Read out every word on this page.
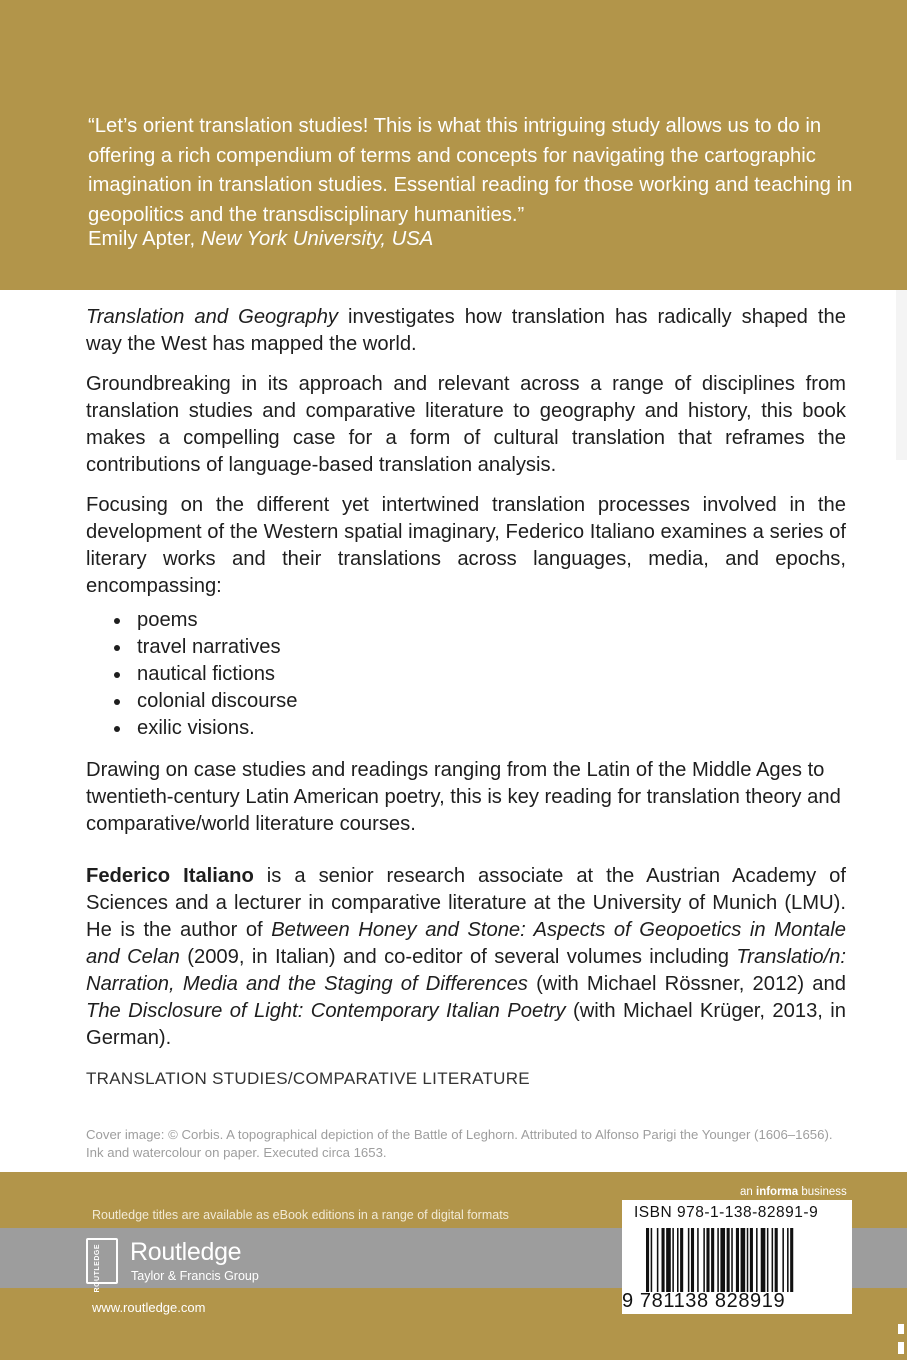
“Let’s orient translation studies! This is what this intriguing study allows us to do in offering a rich compendium of terms and concepts for navigating the cartographic imagination in translation studies. Essential reading for those working and teaching in geopolitics and the transdisciplinary humanities.”

Emily Apter, New York University, USA

Translation and Geography investigates how translation has radically shaped the way the West has mapped the world.

Groundbreaking in its approach and relevant across a range of disciplines from translation studies and comparative literature to geography and history, this book makes a compelling case for a form of cultural translation that reframes the contributions of language-based translation analysis.

Focusing on the different yet intertwined translation processes involved in the development of the Western spatial imaginary, Federico Italiano examines a series of literary works and their translations across languages, media, and epochs, encompassing:

poems
travel narratives
nautical fictions
colonial discourse
exilic visions.

Drawing on case studies and readings ranging from the Latin of the Middle Ages to twentieth-century Latin American poetry, this is key reading for translation theory and comparative/world literature courses.

Federico Italiano is a senior research associate at the Austrian Academy of Sciences and a lecturer in comparative literature at the University of Munich (LMU). He is the author of Between Honey and Stone: Aspects of Geopoetics in Montale and Celan (2009, in Italian) and co-editor of several volumes including Translatio/n: Narration, Media and the Staging of Differences (with Michael Rössner, 2012) and The Disclosure of Light: Contemporary Italian Poetry (with Michael Krüger, 2013, in German).

TRANSLATION STUDIES/COMPARATIVE LITERATURE

Cover image: © Corbis. A topographical depiction of the Battle of Leghorn. Attributed to Alfonso Parigi the Younger (1606–1656). Ink and watercolour on paper. Executed circa 1653.

an informa business

Routledge titles are available as eBook editions in a range of digital formats

ROUTLEDGE Routledge

Taylor & Francis Group

www.routledge.com

ISBN 978-1-138-82891-9

9 781138 828919
